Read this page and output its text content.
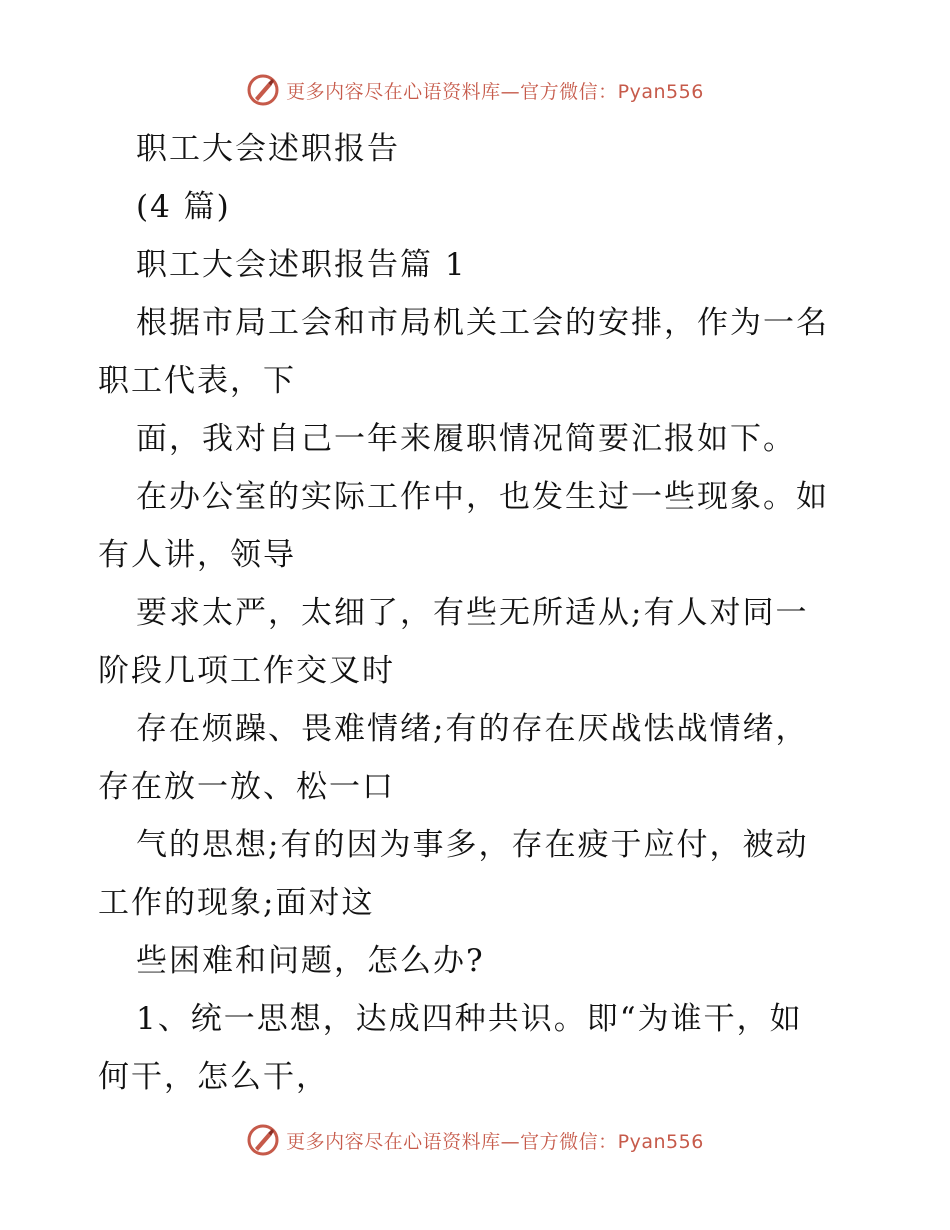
更多内容尽在心语资料库—官方微信：Pyan556

职工大会述职报告

(4 篇)

职工大会述职报告篇 1

根据市局工会和市局机关工会的安排，作为一名

职工代表，下

面，我对自己一年来履职情况简要汇报如下。

在办公室的实际工作中，也发生过一些现象。如

有人讲，领导

要求太严，太细了，有些无所适从;有人对同一

阶段几项工作交叉时

存在烦躁、畏难情绪;有的存在厌战怯战情绪，

存在放一放、松一口

气的思想;有的因为事多，存在疲于应付，被动

工作的现象;面对这

些困难和问题，怎么办?

1、统一思想，达成四种共识。即“为谁干，如

何干，怎么干，

更多内容尽在心语资料库—官方微信：Pyan556
